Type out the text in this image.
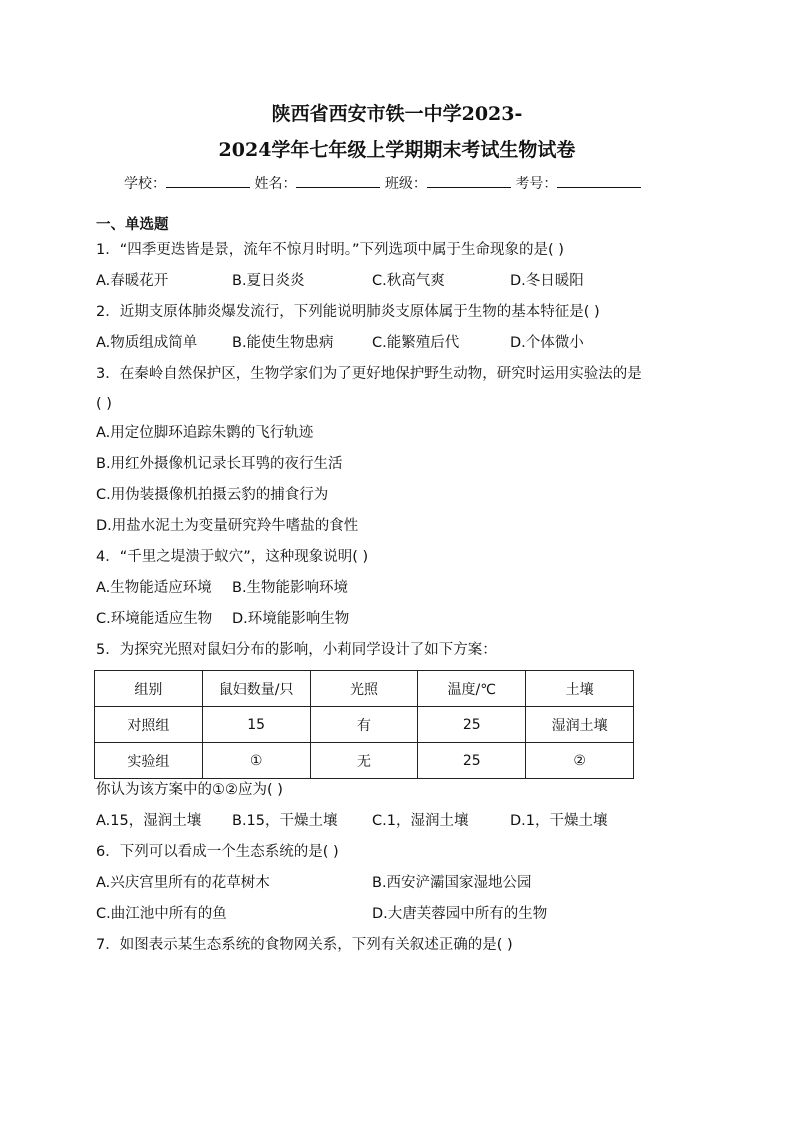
陕西省西安市铁一中学2023-
2024学年七年级上学期期末考试生物试卷
学校：	姓名：	班级：	考号：
一、单选题
1．“四季更迭皆是景，流年不惊月时明。”下列选项中属于生命现象的是( )
A.春暖花开	B.夏日炎炎	C.秋高气爽	D.冬日暖阳
2．近期支原体肺炎爆发流行，下列能说明肺炎支原体属于生物的基本特征是( )
A.物质组成简单 B.能使生物患病	C.能繁殖后代	D.个体微小
3．在秦岭自然保护区，生物学家们为了更好地保护野生动物，研究时运用实验法的是
( )
A.用定位脚环追踪朱鹮的飞行轨迹
B.用红外摄像机记录长耳鸮的夜行生活
C.用伪装摄像机拍摄云豹的捕食行为
D.用盐水泥土为变量研究羚牛嗜盐的食性
4．“千里之堤溃于蚁穴”，这种现象说明( )
A.生物能适应环境 B.生物能影响环境
C.环境能适应生物 D.环境能影响生物
5．为探究光照对鼠妇分布的影响，小莉同学设计了如下方案：
组别	鼠妇数量/只	光照	温度/℃	土壤
对照组	15	有	25	湿润土壤
实验组	①	无	25	②
你认为该方案中的①②应为( )
A.15，湿润土壤 B.15，干燥土壤 C.1，湿润土壤	D.1，干燥土壤
6．下列可以看成一个生态系统的是( )
A.兴庆宫里所有的花草树木	B.西安浐灞国家湿地公园
C.曲江池中所有的鱼	D.大唐芙蓉园中所有的生物
7．如图表示某生态系统的食物网关系，下列有关叙述正确的是( )
